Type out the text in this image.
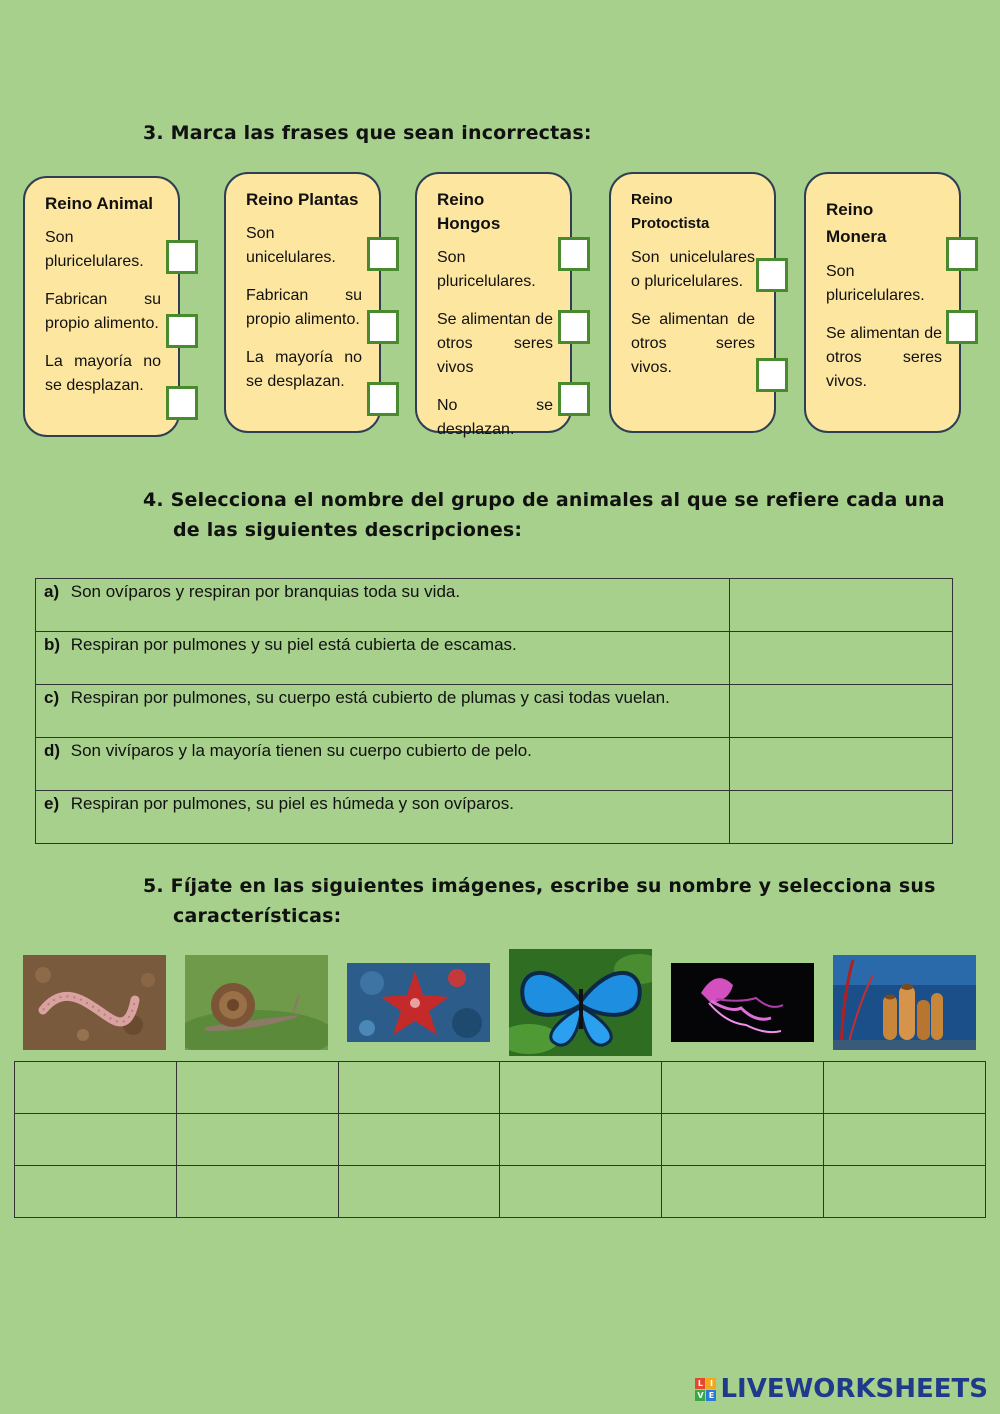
3. Marca las frases que sean incorrectas:
Reino Animal
Son pluricelulares.
Fabrican su propio alimento.
La mayoría no se desplazan.
Reino Plantas
Son unicelulares.
Fabrican su propio alimento.
La mayoría no se desplazan.
Reino Hongos
Son pluricelulares.
Se alimentan de otros seres vivos
No se desplazan.
Reino Protoctista
Son unicelulares o pluricelulares.
Se alimentan de otros seres vivos.
Reino Monera
Son pluricelulares.
Se alimentan de otros seres vivos.
4. Selecciona el nombre del grupo de animales al que se refiere cada una
de las siguientes descripciones:
a) Son ovíparos y respiran por branquias toda su vida.	
b) Respiran por pulmones y su piel está cubierta de escamas.	
c) Respiran por pulmones, su cuerpo está cubierto de plumas y casi todas vuelan.	
d) Son vivíparos y la mayoría tienen su cuerpo cubierto de pelo.	
e) Respiran por pulmones, su piel es húmeda y son ovíparos.	
5. Fíjate en las siguientes imágenes, escribe su nombre y selecciona sus
características:

L I
V E LIVEWORKSHEETS
